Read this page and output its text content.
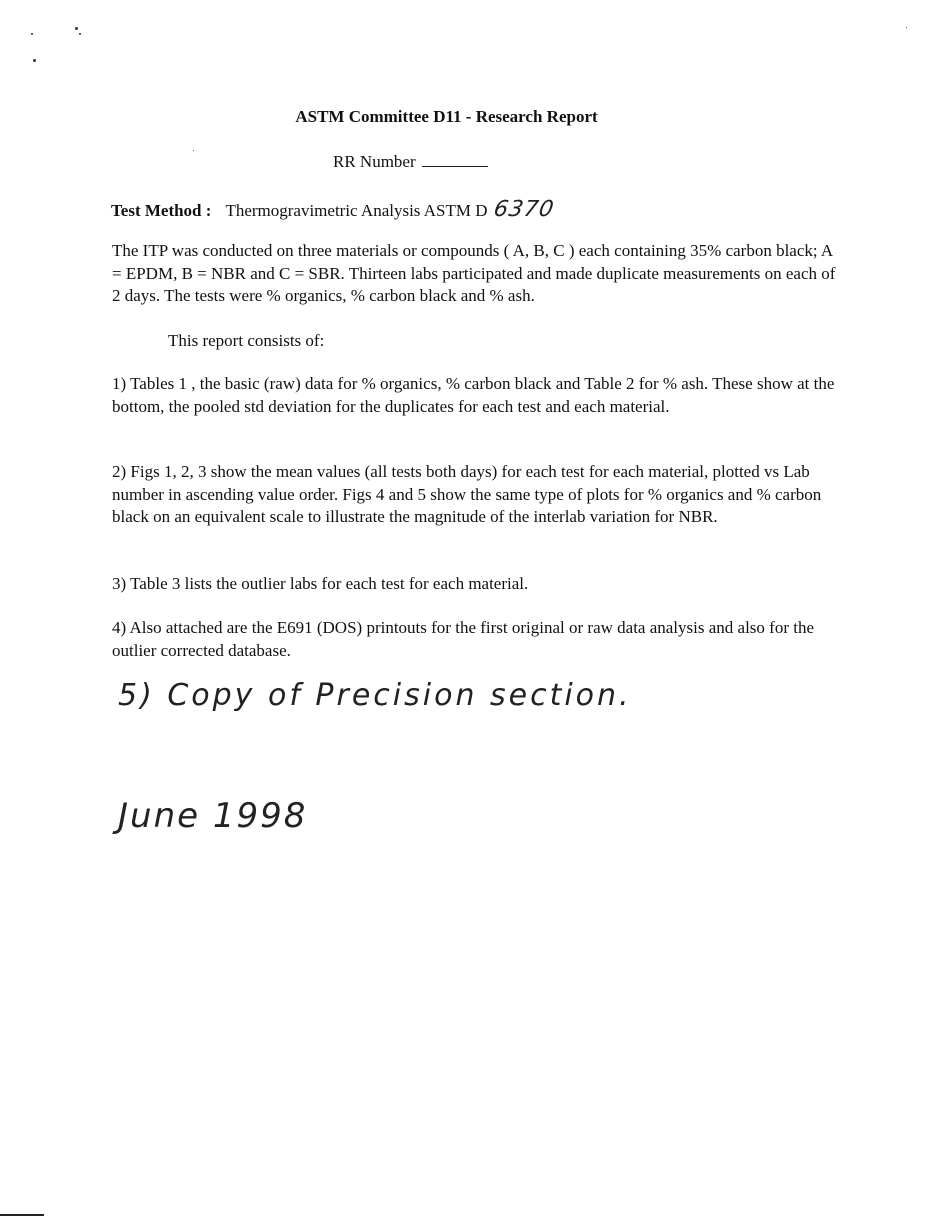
ASTM Committee D11 - Research Report
RR Number
Test Method : Thermogravimetric Analysis ASTM D 6370
The ITP was conducted on three materials or compounds ( A, B, C ) each containing 35% carbon black; A = EPDM, B = NBR and C = SBR. Thirteen labs participated and made duplicate measurements on each of 2 days. The tests were % organics, % carbon black and % ash.
This report consists of:
1) Tables 1 , the basic (raw) data for % organics, % carbon black and Table 2 for % ash. These show at the bottom, the pooled std deviation for the duplicates for each test and each material.
2) Figs 1, 2, 3 show the mean values (all tests both days) for each test for each material, plotted vs Lab number in ascending value order. Figs 4 and 5 show the same type of plots for % organics and % carbon black on an equivalent scale to illustrate the magnitude of the interlab variation for NBR.
3) Table 3 lists the outlier labs for each test for each material.
4) Also attached are the E691 (DOS) printouts for the first original or raw data analysis and also for the outlier corrected database.
5) Copy of Precision section.
June 1998
